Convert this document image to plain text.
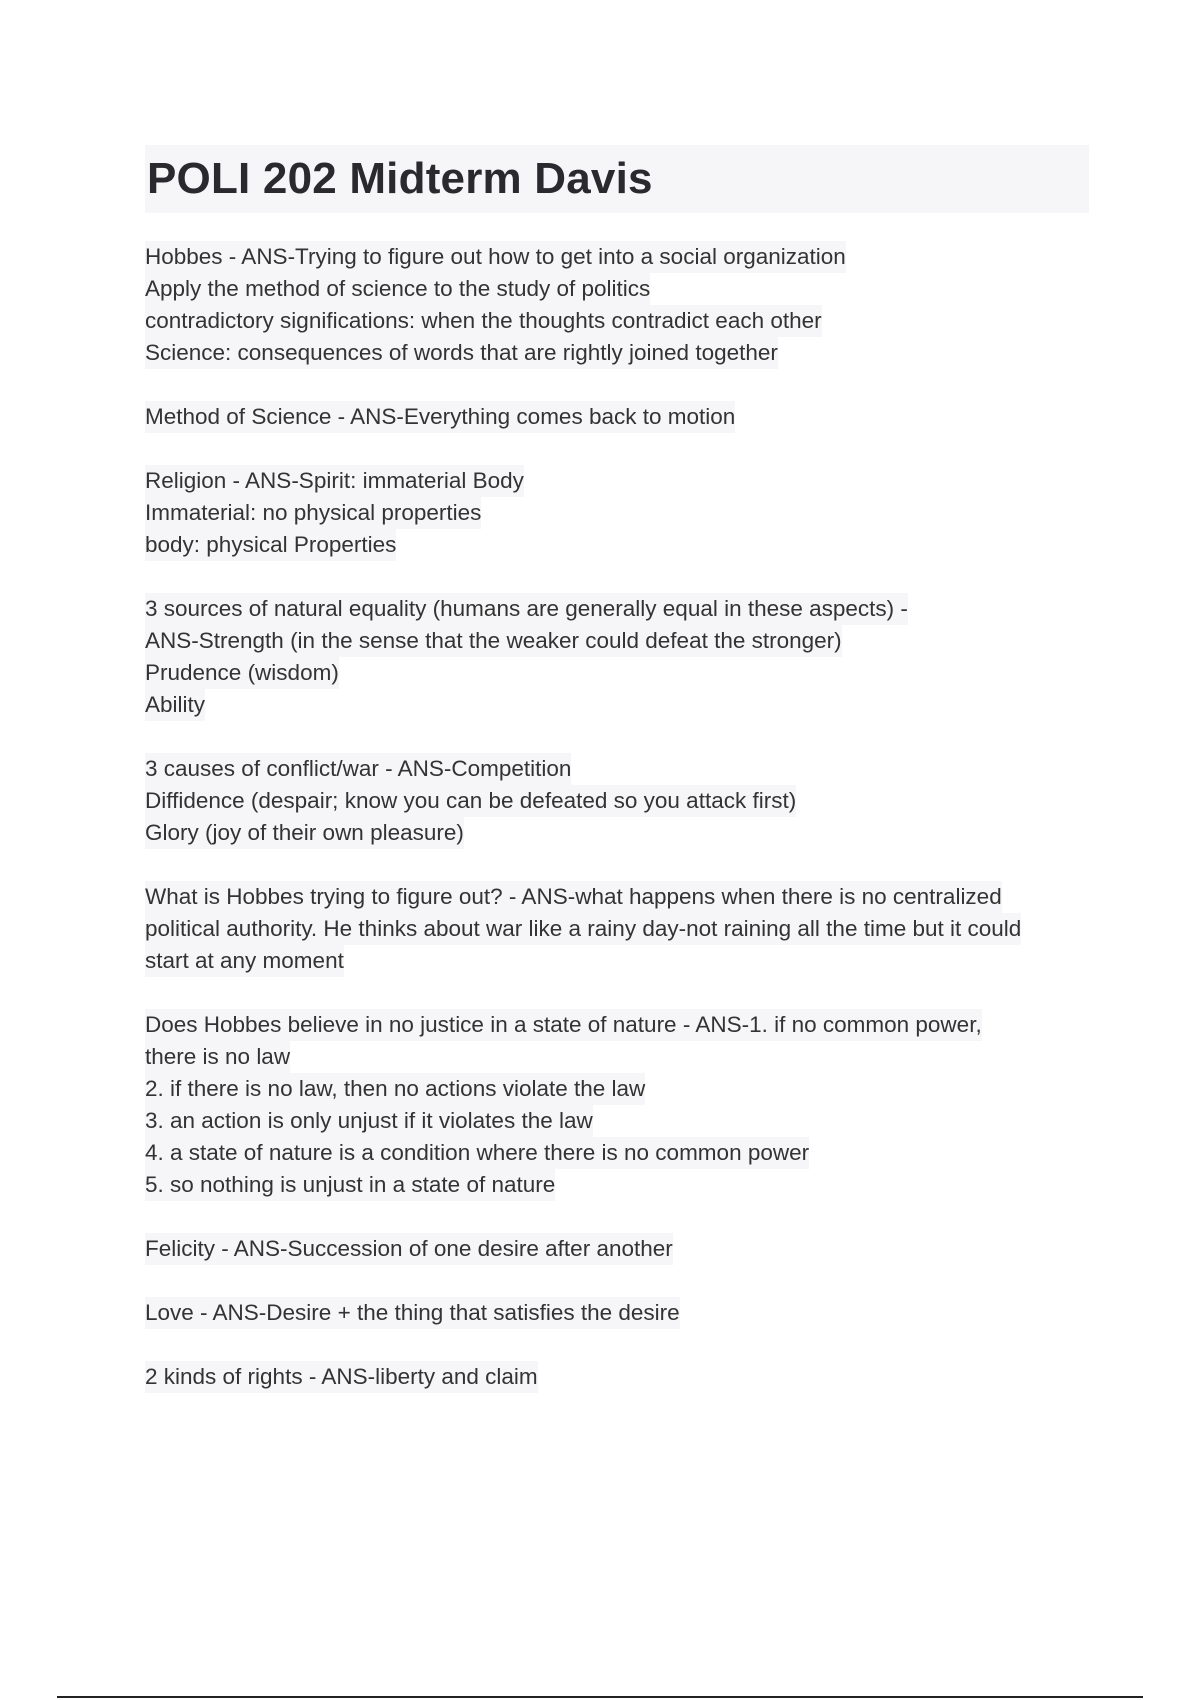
POLI 202 Midterm Davis
Hobbes - ANS-Trying to figure out how to get into a social organization
Apply the method of science to the study of politics
contradictory significations: when the thoughts contradict each other
Science: consequences of words that are rightly joined together
Method of Science - ANS-Everything comes back to motion
Religion - ANS-Spirit: immaterial Body
Immaterial: no physical properties
body: physical Properties
3 sources of natural equality (humans are generally equal in these aspects) -
ANS-Strength (in the sense that the weaker could defeat the stronger)
Prudence (wisdom)
Ability
3 causes of conflict/war - ANS-Competition
Diffidence (despair; know you can be defeated so you attack first)
Glory (joy of their own pleasure)
What is Hobbes trying to figure out? - ANS-what happens when there is no centralized
political authority. He thinks about war like a rainy day-not raining all the time but it could
start at any moment
Does Hobbes believe in no justice in a state of nature - ANS-1. if no common power,
there is no law
2. if there is no law, then no actions violate the law
3. an action is only unjust if it violates the law
4. a state of nature is a condition where there is no common power
5. so nothing is unjust in a state of nature
Felicity - ANS-Succession of one desire after another
Love - ANS-Desire + the thing that satisfies the desire
2 kinds of rights - ANS-liberty and claim
